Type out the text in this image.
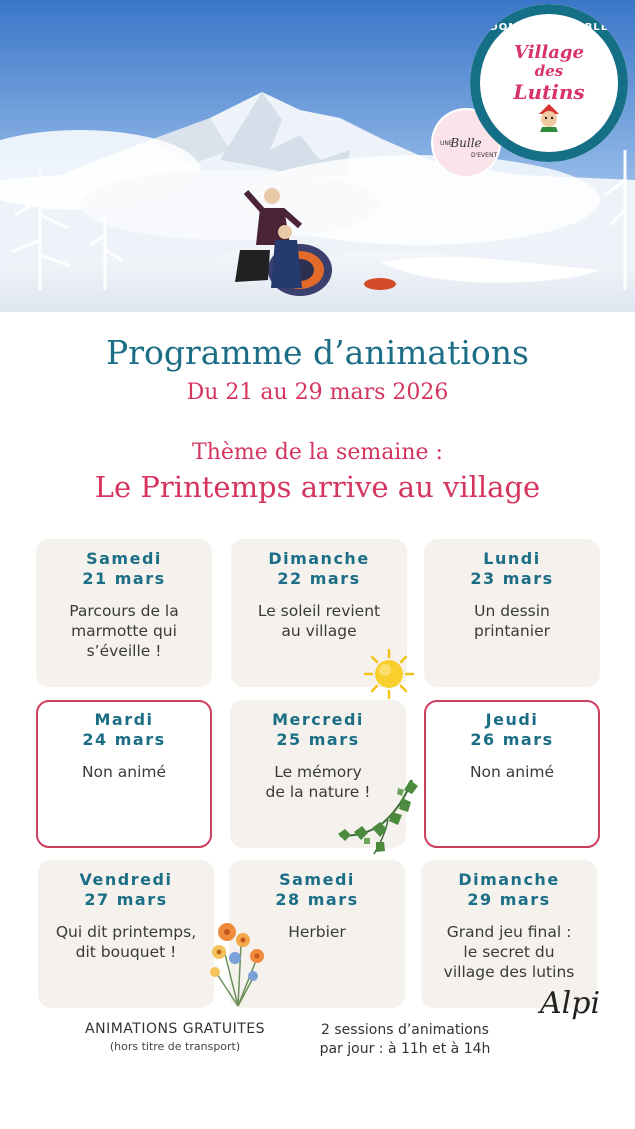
UNE
Bulle
D'EVENT
DOMAINE SKIABLE
Village
des
Lutins
MEGÈVE
Programme d’animations
Du 21 au 29 mars 2026
Thème de la semaine :
Le Printemps arrive au village
Samedi
21 mars
Parcours de la
marmotte qui
s’éveille !
Dimanche
22 mars
Le soleil revient
au village
Lundi
23 mars
Un dessin
printanier
Mardi
24 mars
Non animé
Mercredi
25 mars
Le mémory
de la nature !
Jeudi
26 mars
Non animé
Vendredi
27 mars
Qui dit printemps,
dit bouquet !
Samedi
28 mars
Herbier
Dimanche
29 mars
Grand jeu final :
le secret du
village des lutins
ANIMATIONS GRATUITES
(hors titre de transport)
2 sessions d’animations
par jour : à 11h et à 14h
Alpi
